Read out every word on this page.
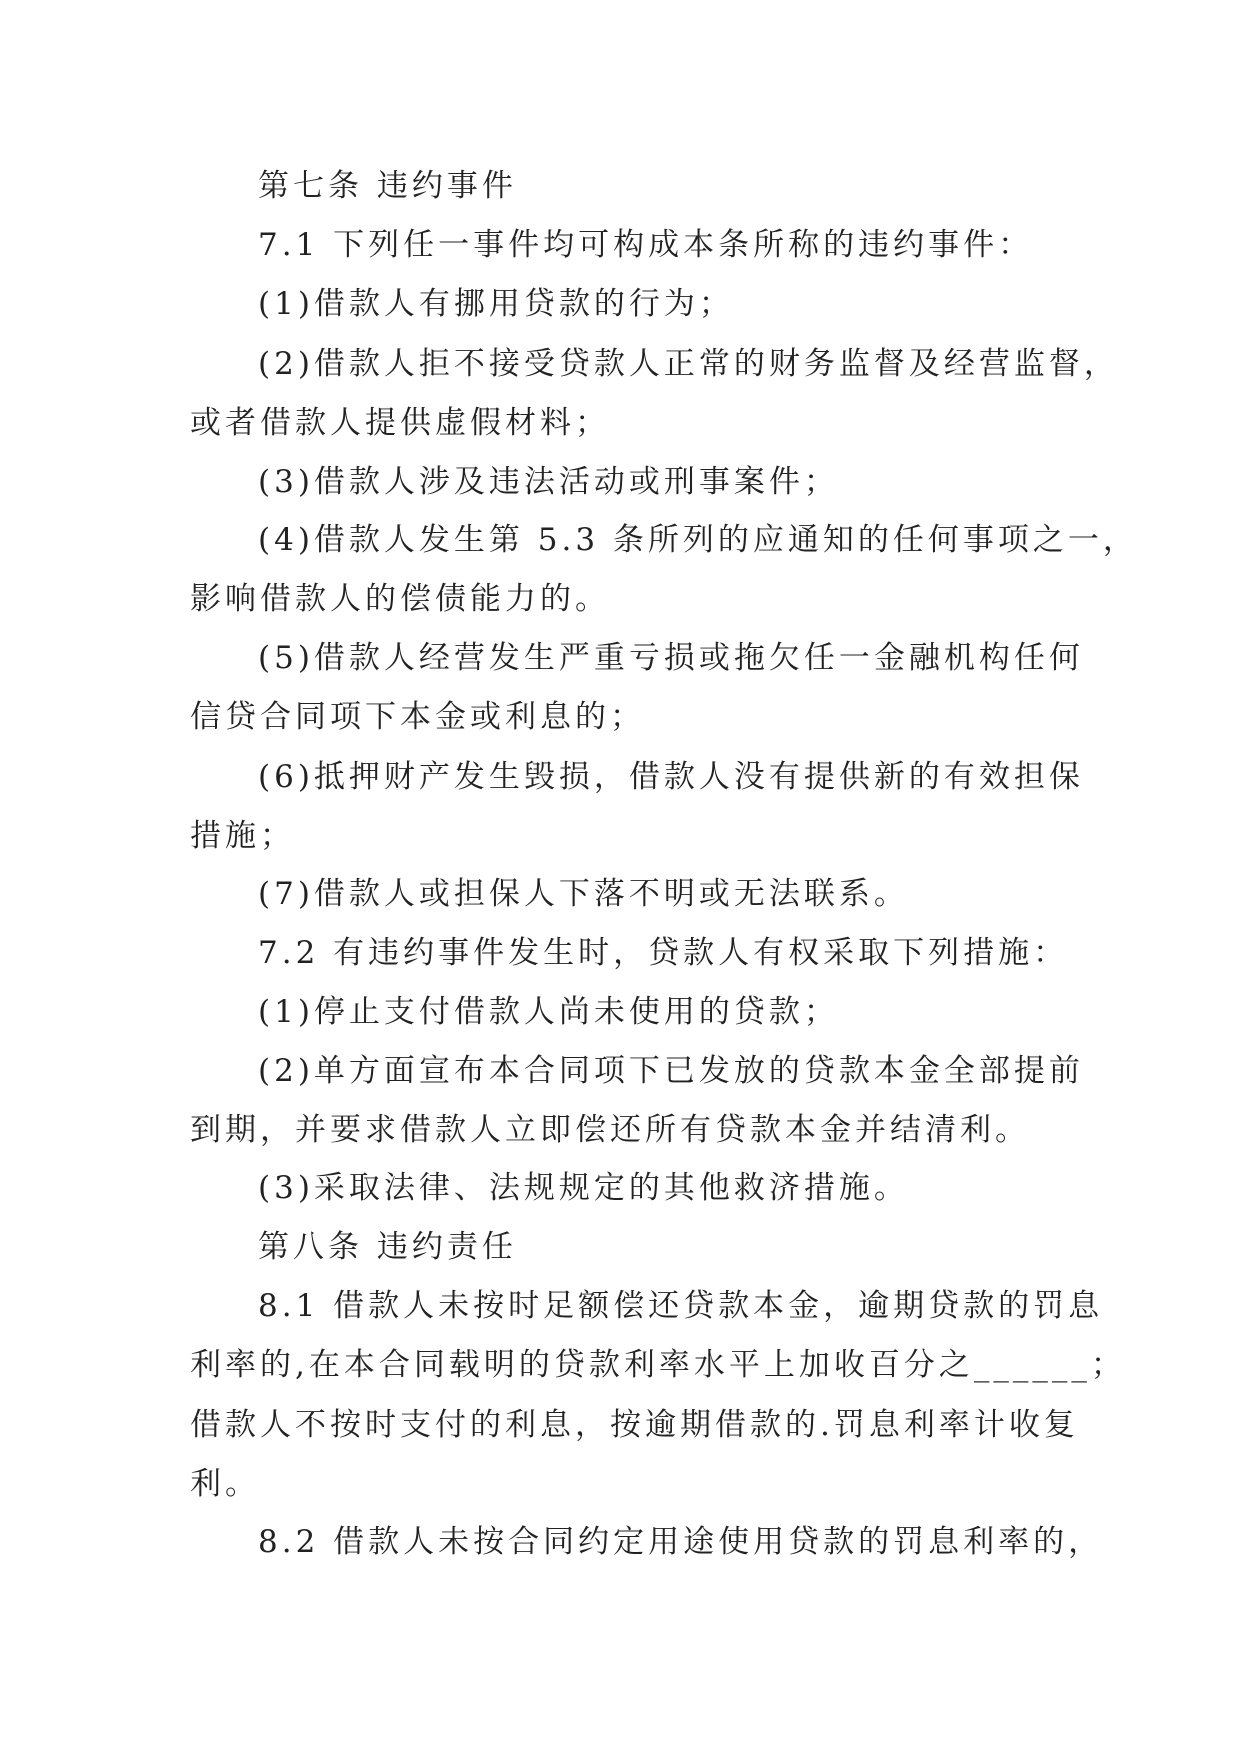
第七条 违约事件
7.1 下列任一事件均可构成本条所称的违约事件：
(1)借款人有挪用贷款的行为；
(2)借款人拒不接受贷款人正常的财务监督及经营监督，
或者借款人提供虚假材料；
(3)借款人涉及违法活动或刑事案件；
(4)借款人发生第 5.3 条所列的应通知的任何事项之一，
影响借款人的偿债能力的。
(5)借款人经营发生严重亏损或拖欠任一金融机构任何
信贷合同项下本金或利息的；
(6)抵押财产发生毁损，借款人没有提供新的有效担保
措施；
(7)借款人或担保人下落不明或无法联系。
7.2 有违约事件发生时，贷款人有权采取下列措施：
(1)停止支付借款人尚未使用的贷款；
(2)单方面宣布本合同项下已发放的贷款本金全部提前
到期，并要求借款人立即偿还所有贷款本金并结清利。
(3)采取法律、法规规定的其他救济措施。
第八条 违约责任
8.1 借款人未按时足额偿还贷款本金，逾期贷款的罚息
利率的,在本合同载明的贷款利率水平上加收百分之______；
借款人不按时支付的利息，按逾期借款的.罚息利率计收复
利。
8.2 借款人未按合同约定用途使用贷款的罚息利率的，
